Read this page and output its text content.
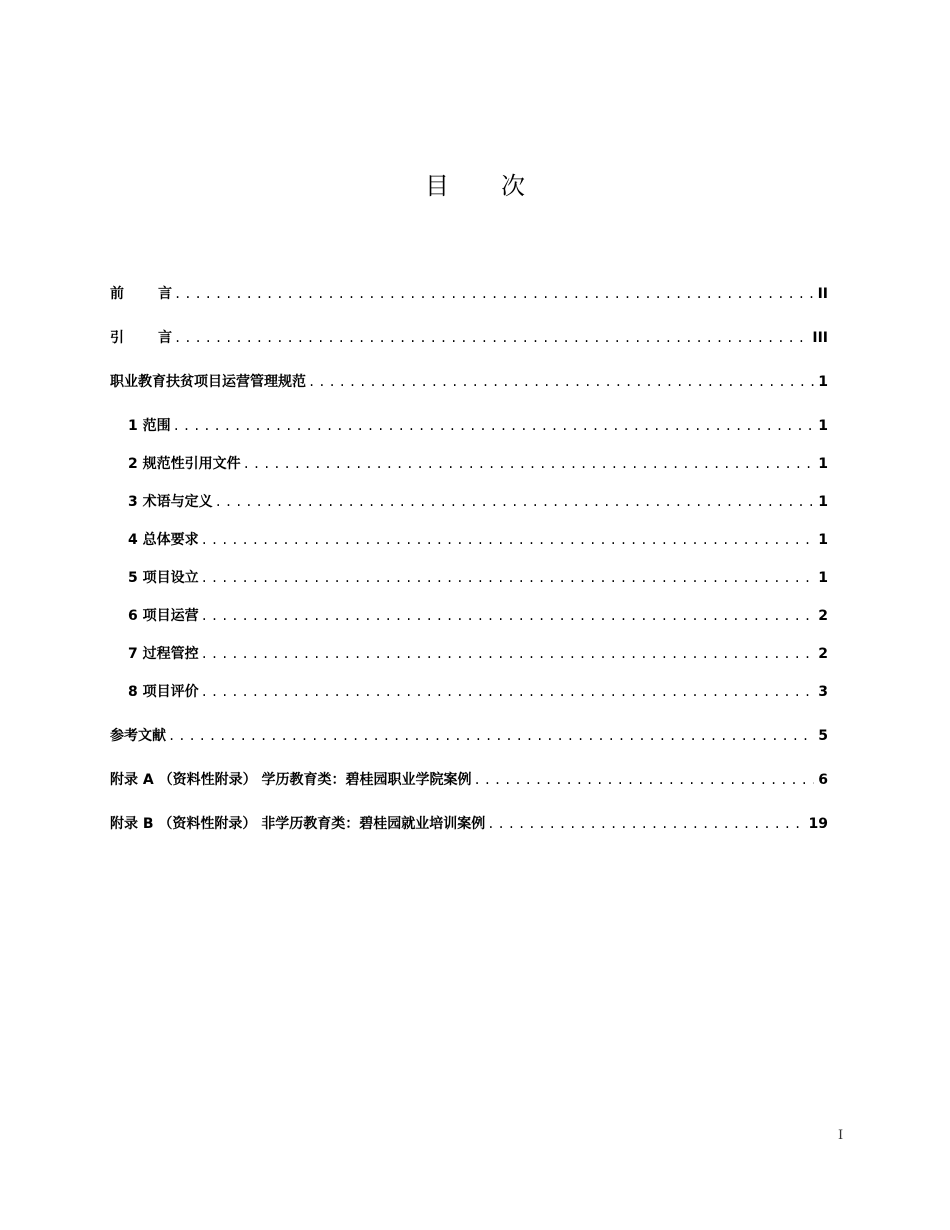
目 次
前 言 .....	II
引 言 .....	III
职业教育扶贫项目运营管理规范 .....	1
1 范围 .....	1
2 规范性引用文件 .....	1
3 术语与定义 .....	1
4 总体要求 .....	1
5 项目设立 .....	1
6 项目运营 .....	2
7 过程管控 .....	2
8 项目评价 .....	3
参考文献 .....	5
附录 A （资料性附录） 学历教育类：碧桂园职业学院案例 .....	6
附录 B （资料性附录） 非学历教育类：碧桂园就业培训案例 .....	19
I
